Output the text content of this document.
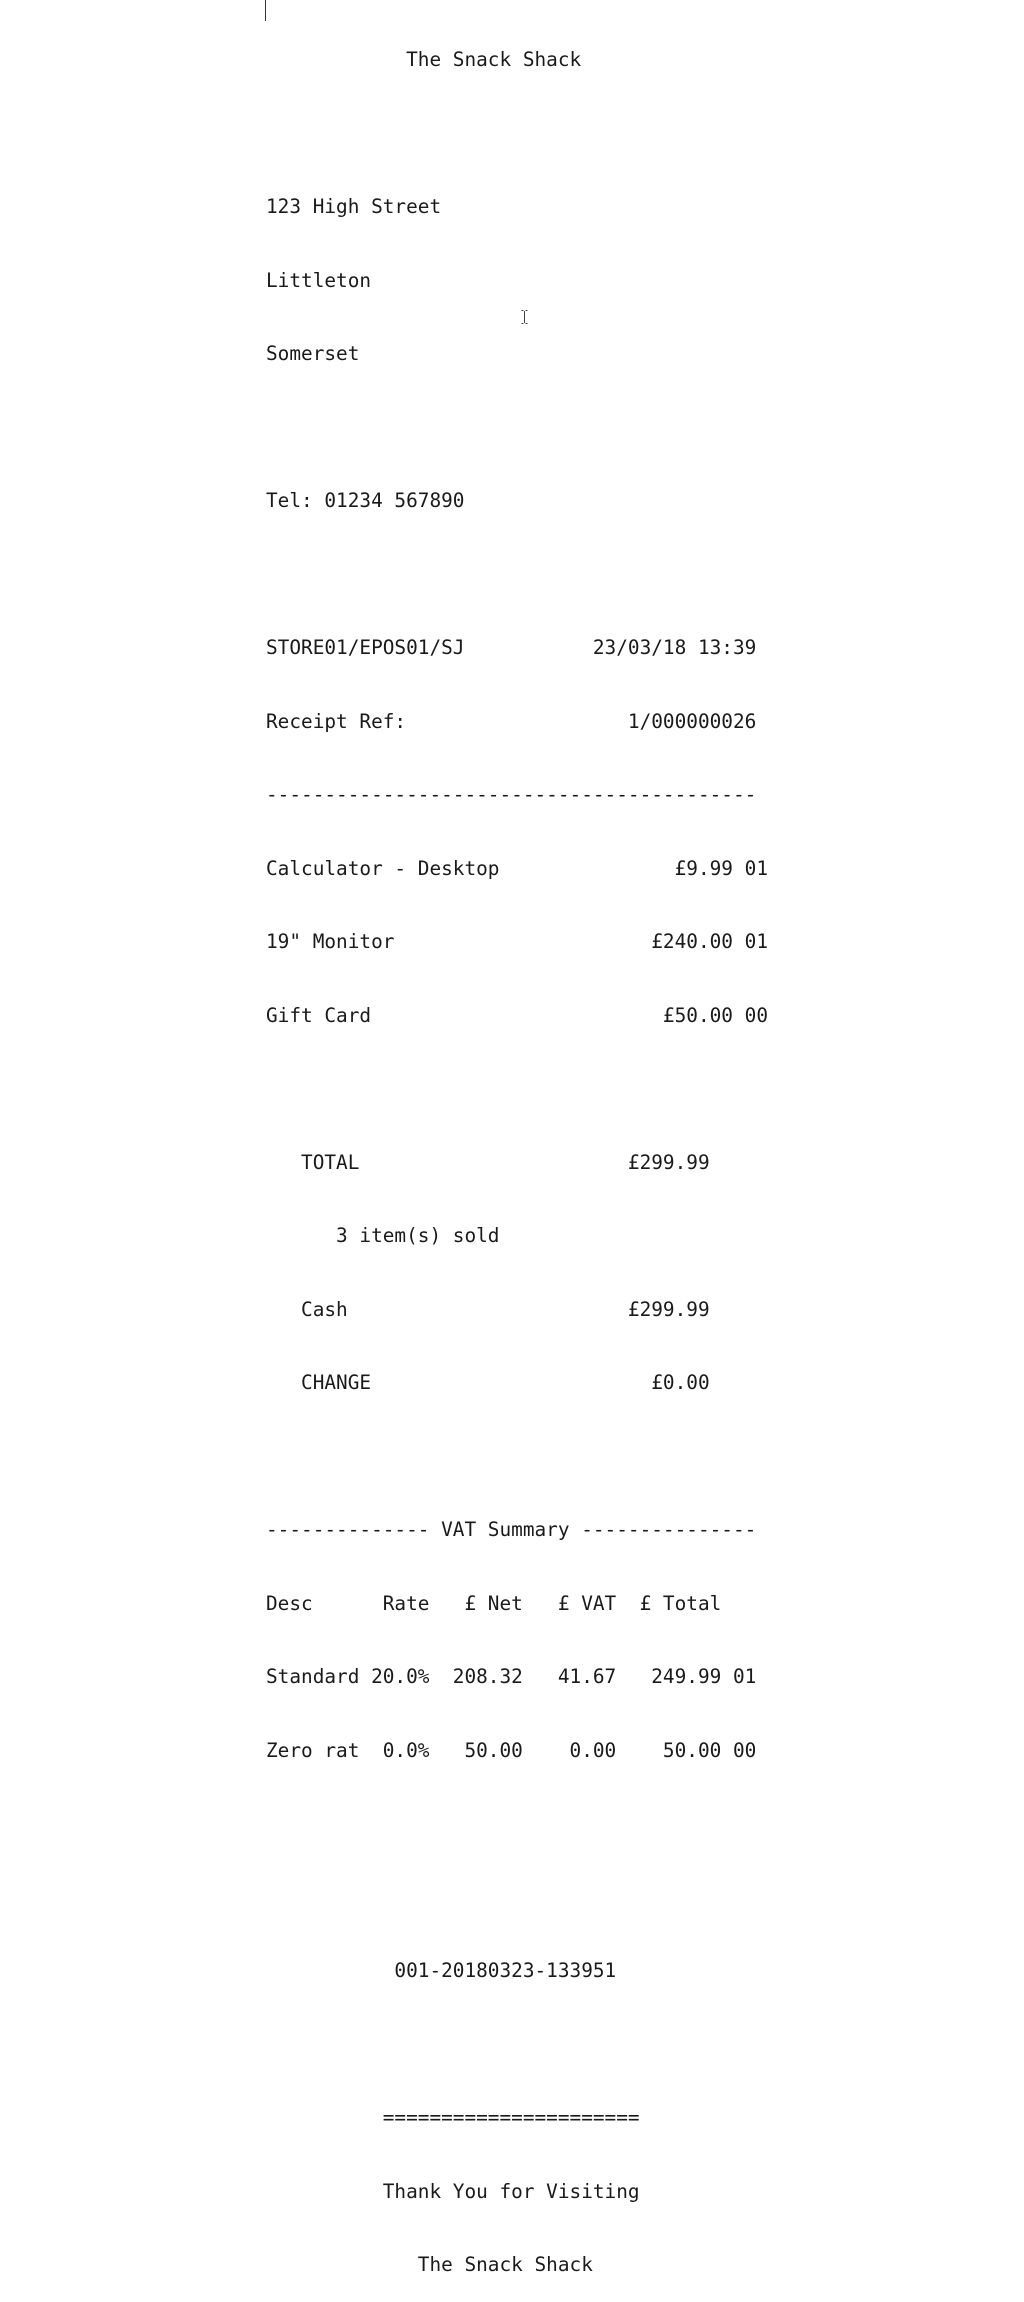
The Snack Shack

123 High Street

Littleton

Somerset

Tel: 01234 567890

STORE01/EPOS01/SJ           23/03/18 13:39

Receipt Ref:                   1/000000026

------------------------------------------

Calculator - Desktop               £9.99 01

19" Monitor                      £240.00 01

Gift Card                         £50.00 00

TOTAL                       £299.99

3 item(s) sold

Cash                        £299.99

CHANGE                        £0.00

-------------- VAT Summary ---------------

Desc      Rate   £ Net   £ VAT  £ Total

Standard 20.0%  208.32   41.67   249.99 01

Zero rat  0.0%   50.00    0.00    50.00 00

001-20180323-133951

======================

Thank You for Visiting

The Snack Shack
